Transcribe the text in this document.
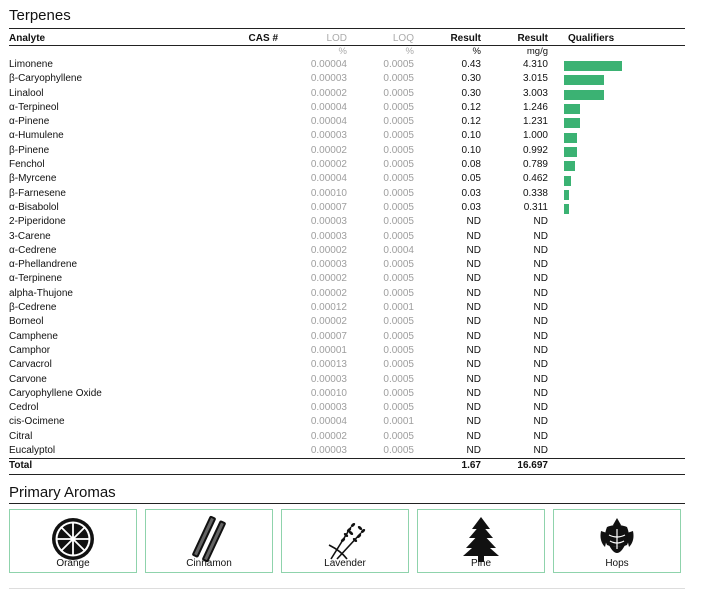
Terpenes
Analyte	CAS #	LOD	LOQ	Result	Result	Qualifiers
		%	%	%	mg/g	
Limonene		0.00004	0.0005	0.43	4.310	

β-Caryophyllene		0.00003	0.0005	0.30	3.015	

Linalool		0.00002	0.0005	0.30	3.003	

α-Terpineol		0.00004	0.0005	0.12	1.246	

α-Pinene		0.00004	0.0005	0.12	1.231	

α-Humulene		0.00003	0.0005	0.10	1.000	

β-Pinene		0.00002	0.0005	0.10	0.992	

Fenchol		0.00002	0.0005	0.08	0.789	

β-Myrcene		0.00004	0.0005	0.05	0.462	

β-Farnesene		0.00010	0.0005	0.03	0.338	

α-Bisabolol		0.00007	0.0005	0.03	0.311	

2-Piperidone		0.00003	0.0005	ND	ND	
3-Carene		0.00003	0.0005	ND	ND	
α-Cedrene		0.00002	0.0004	ND	ND	
α-Phellandrene		0.00003	0.0005	ND	ND	
α-Terpinene		0.00002	0.0005	ND	ND	
alpha-Thujone		0.00002	0.0005	ND	ND	
β-Cedrene		0.00012	0.0001	ND	ND	
Borneol		0.00002	0.0005	ND	ND	
Camphene		0.00007	0.0005	ND	ND	
Camphor		0.00001	0.0005	ND	ND	
Carvacrol		0.00013	0.0005	ND	ND	
Carvone		0.00003	0.0005	ND	ND	
Caryophyllene Oxide		0.00010	0.0005	ND	ND	
Cedrol		0.00003	0.0005	ND	ND	
cis-Ocimene		0.00004	0.0001	ND	ND	
Citral		0.00002	0.0005	ND	ND	
Eucalyptol		0.00003	0.0005	ND	ND	
Total				1.67	16.697	
Primary Aromas
Orange	Cinnamon	Lavender	Pine	Hops
